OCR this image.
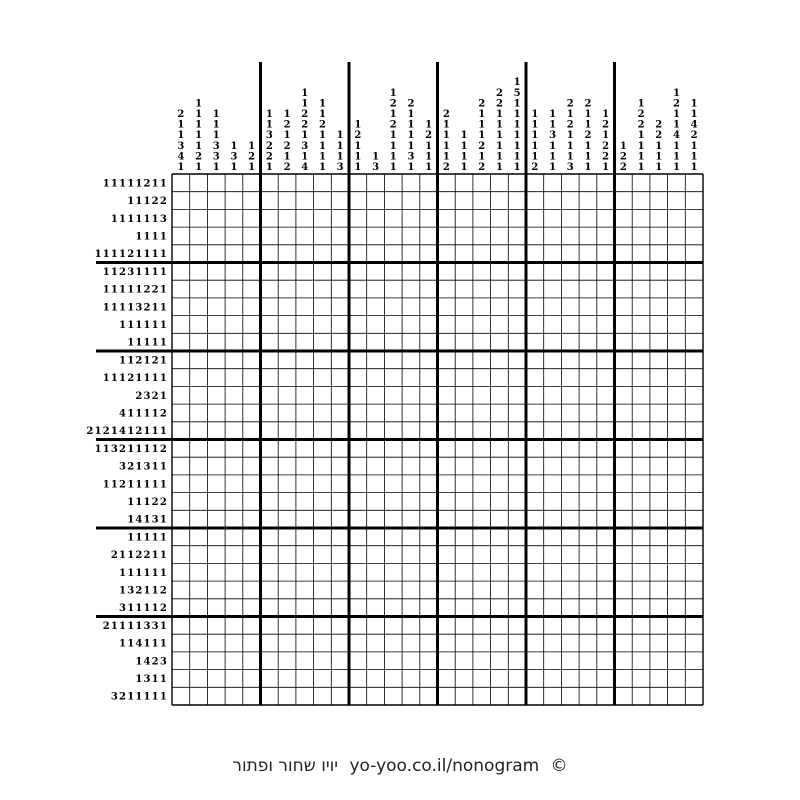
2
1
1
3
4
1
1
1
1
1
1
2
1
1
1
1
3
3
1
1
3
1
1
2
1
1
1
3
2
2
1
1
2
1
2
1
2
1
1
2
2
1
3
1
4
1
1
2
1
1
1
1
1
1
1
3
1
2
1
1
1
1
3
1
2
1
2
1
1
1
1
2
1
1
1
1
3
1
1
2
1
1
1
2
1
1
1
1
2
1
1
1
1
2
1
1
1
2
1
2
2
2
1
1
1
1
1
1
1
5
1
1
1
1
1
1
1
1
1
1
1
1
2
1
1
3
1
1
1
2
1
2
1
1
1
3
2
1
1
2
1
1
1
1
2
1
2
2
1
1
2
2
1
2
2
1
1
1
1
2
2
1
1
1
1
2
1
1
4
1
1
1
1
1
4
2
1
1
1
11111211
11122
1111113
1111
111121111
11231111
11111221
11113211
111111
11111
112121
11121111
2321
411112
2121412111
113211112
321311
11211111
11122
14131
11111
2112211
111111
132112
311112
21111331
114111
1423
1311
3211111
יויו שחור ופתור yo-yoo.co.il/nonogram ©
